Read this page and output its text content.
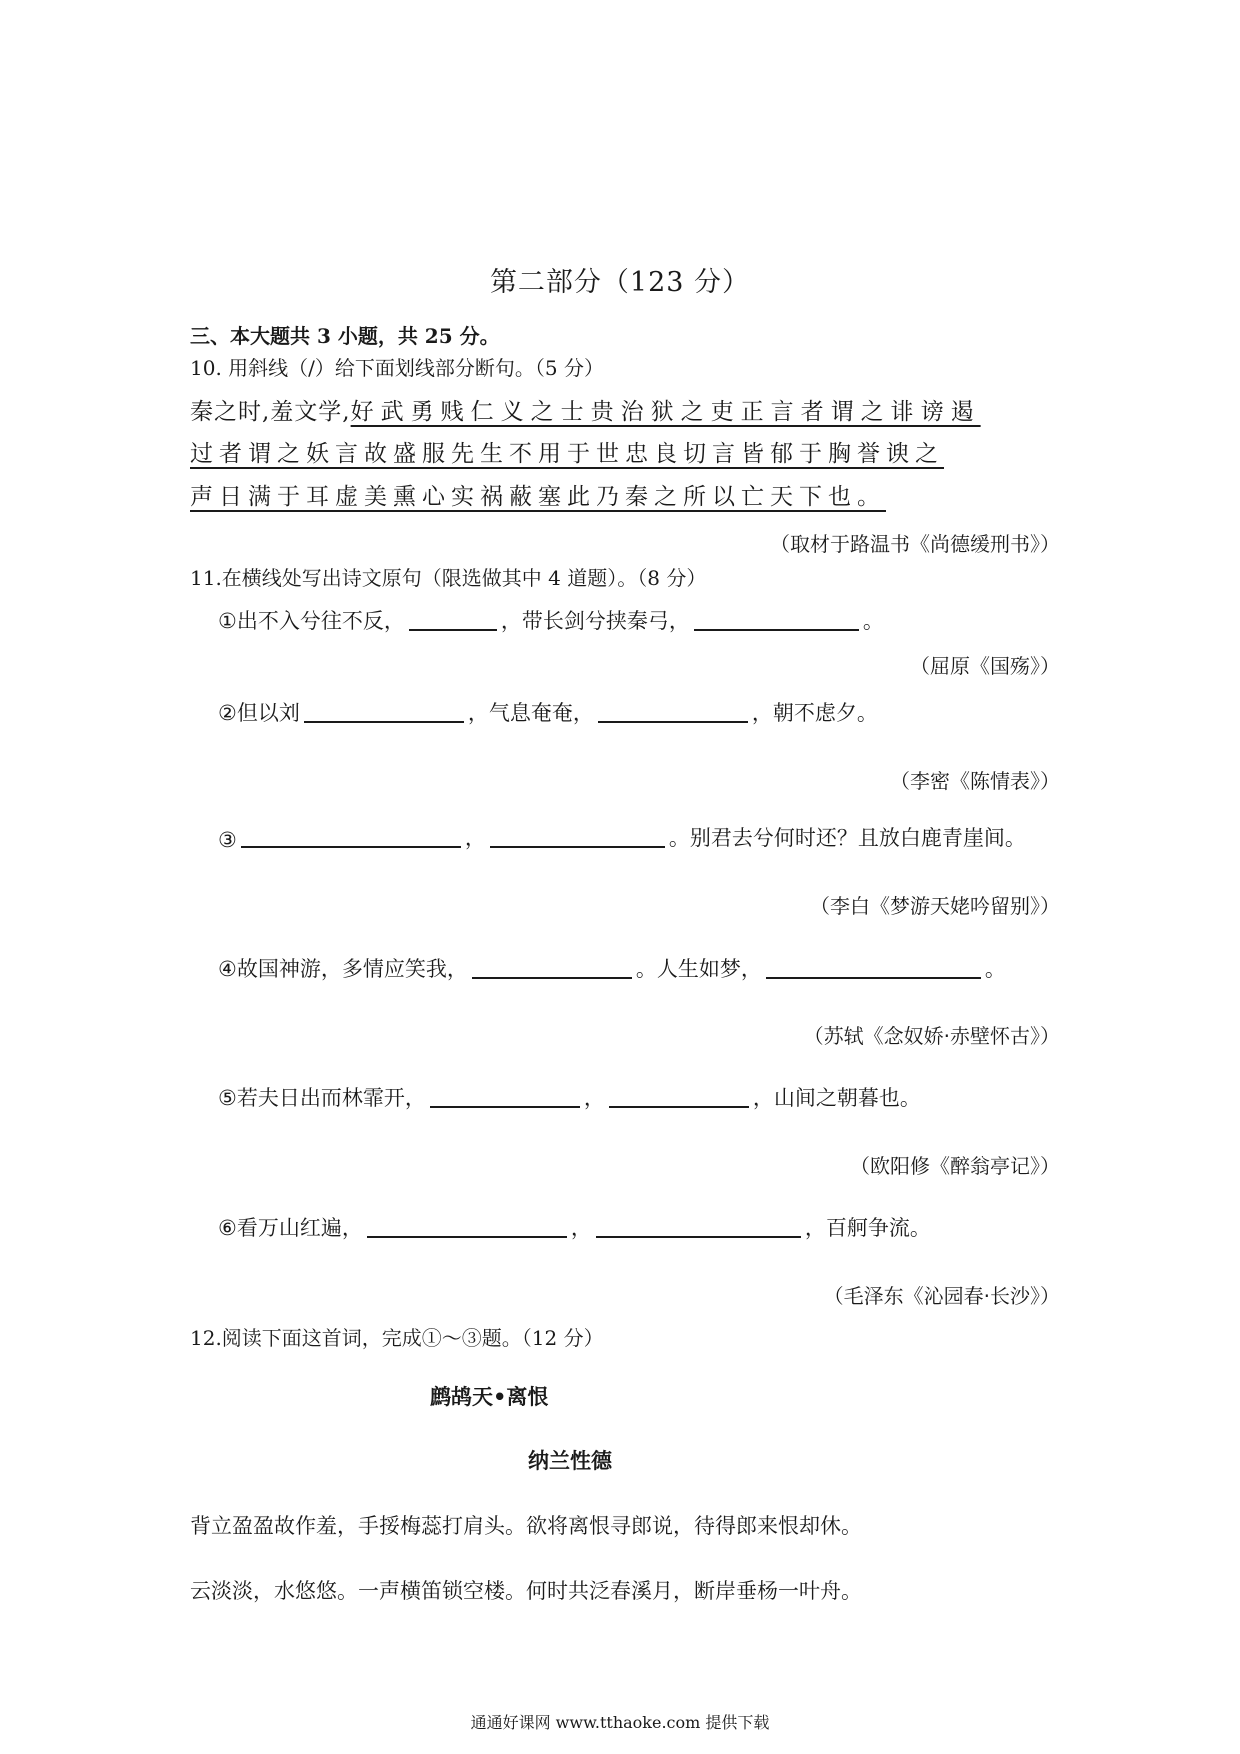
第二部分（123 分）
三、本大题共 3 小题，共 25 分。
10. 用斜线（/）给下面划线部分断句。（5 分）
秦之时,羞文学,好武勇贱仁义之士贵治狱之吏正言者谓之诽谤遏
过者谓之妖言故盛服先生不用于世忠良切言皆郁于胸誉谀之
声日满于耳虚美熏心实祸蔽塞此乃秦之所以亡天下也。
（取材于路温书《尚德缓刑书》）
11.在横线处写出诗文原句（限选做其中 4 道题）。（8 分）
①出不入兮往不反，	，带长剑兮挟秦弓，	。
（屈原《国殇》）
②但以刘	，气息奄奄，	，朝不虑夕。
（李密《陈情表》）
③	，	。别君去兮何时还？且放白鹿青崖间。
（李白《梦游天姥吟留别》）
④故国神游，多情应笑我，	。人生如梦，	。
（苏轼《念奴娇·赤壁怀古》）
⑤若夫日出而林霏开，	，	，山间之朝暮也。
（欧阳修《醉翁亭记》）
⑥看万山红遍，	，	，百舸争流。
（毛泽东《沁园春·长沙》）
12.阅读下面这首词，完成①～③题。（12 分）
鹧鸪天•离恨
纳兰性德
背立盈盈故作羞，手挼梅蕊打肩头。欲将离恨寻郎说，待得郎来恨却休。
云淡淡，水悠悠。一声横笛锁空楼。何时共泛春溪月，断岸垂杨一叶舟。
通通好课网 www.tthaoke.com 提供下载
